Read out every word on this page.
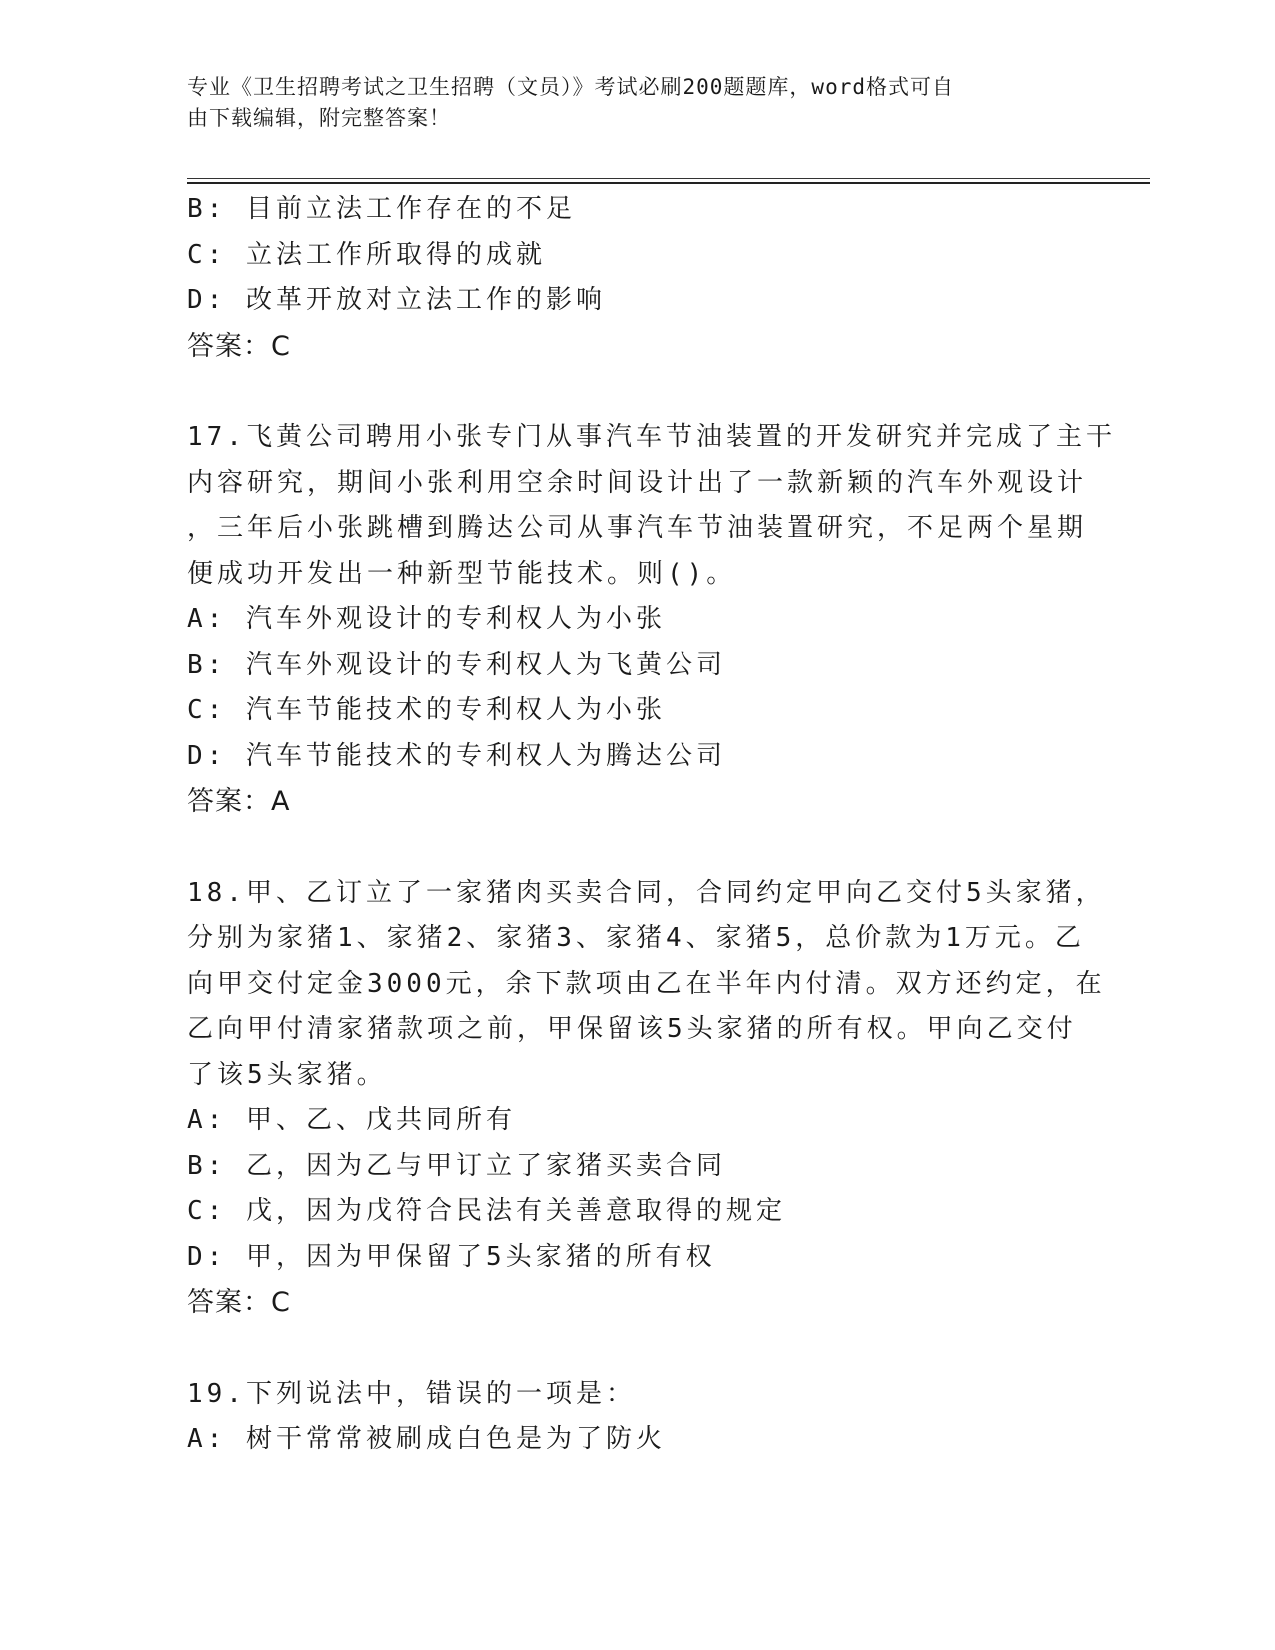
专业《卫生招聘考试之卫生招聘（文员）》考试必刷200题题库，word格式可自
由下载编辑，附完整答案！
B: 目前立法工作存在的不足
C: 立法工作所取得的成就
D: 改革开放对立法工作的影响
答案：C
17.飞黄公司聘用小张专门从事汽车节油装置的开发研究并完成了主干
内容研究，期间小张利用空余时间设计出了一款新颖的汽车外观设计
，三年后小张跳槽到腾达公司从事汽车节油装置研究，不足两个星期
便成功开发出一种新型节能技术。则()。
A: 汽车外观设计的专利权人为小张
B: 汽车外观设计的专利权人为飞黄公司
C: 汽车节能技术的专利权人为小张
D: 汽车节能技术的专利权人为腾达公司
答案：A
18.甲、乙订立了一家猪肉买卖合同，合同约定甲向乙交付5头家猪，
分别为家猪1、家猪2、家猪3、家猪4、家猪5，总价款为1万元。乙
向甲交付定金3000元，余下款项由乙在半年内付清。双方还约定，在
乙向甲付清家猪款项之前，甲保留该5头家猪的所有权。甲向乙交付
了该5头家猪。
A: 甲、乙、戊共同所有
B: 乙，因为乙与甲订立了家猪买卖合同
C: 戊，因为戊符合民法有关善意取得的规定
D: 甲，因为甲保留了5头家猪的所有权
答案：C
19.下列说法中，错误的一项是：
A: 树干常常被刷成白色是为了防火
